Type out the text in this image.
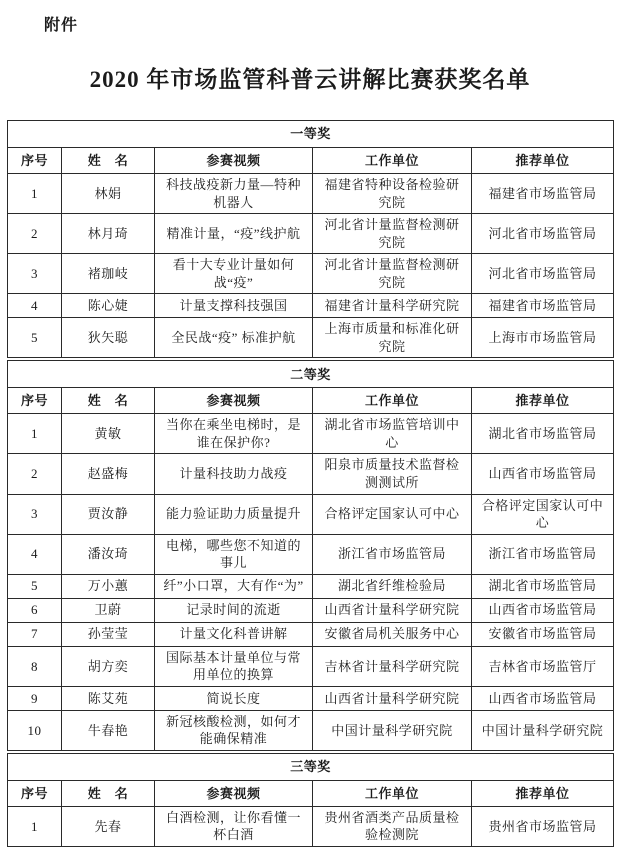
附件
2020 年市场监管科普云讲解比赛获奖名单
一等奖				
序号	姓　名	参赛视频	工作单位	推荐单位
1	林娟	科技战疫新力量—特种机器人	福建省特种设备检验研究院	福建省市场监管局
2	林月琦	精准计量，“疫”线护航	河北省计量监督检测研究院	河北省市场监管局
3	褚珈岐	看十大专业计量如何战“疫”	河北省计量监督检测研究院	河北省市场监管局
4	陈心婕	计量支撑科技强国	福建省计量科学研究院	福建省市场监管局
5	狄矢聪	全民战“疫” 标准护航	上海市质量和标准化研究院	上海市市场监管局
二等奖				
序号	姓　名	参赛视频	工作单位	推荐单位
1	黄敏	当你在乘坐电梯时，是谁在保护你?	湖北省市场监管培训中心	湖北省市场监管局
2	赵盛梅	计量科技助力战疫	阳泉市质量技术监督检测测试所	山西省市场监管局
3	贾汝静	能力验证助力质量提升	合格评定国家认可中心	合格评定国家认可中心
4	潘汝琦	电梯，哪些您不知道的事儿	浙江省市场监管局	浙江省市场监管局
5	万小蕙	纤”小口罩，大有作“为”	湖北省纤维检验局	湖北省市场监管局
6	卫蔚	记录时间的流逝	山西省计量科学研究院	山西省市场监管局
7	孙莹莹	计量文化科普讲解	安徽省局机关服务中心	安徽省市场监管局
8	胡方奕	国际基本计量单位与常用单位的换算	吉林省计量科学研究院	吉林省市场监管厅
9	陈艾苑	简说长度	山西省计量科学研究院	山西省市场监管局
10	牛春艳	新冠核酸检测，如何才能确保精准	中国计量科学研究院	中国计量科学研究院
三等奖				
序号	姓　名	参赛视频	工作单位	推荐单位
1	先春	白酒检测，让你看懂一杯白酒	贵州省酒类产品质量检验检测院	贵州省市场监管局
